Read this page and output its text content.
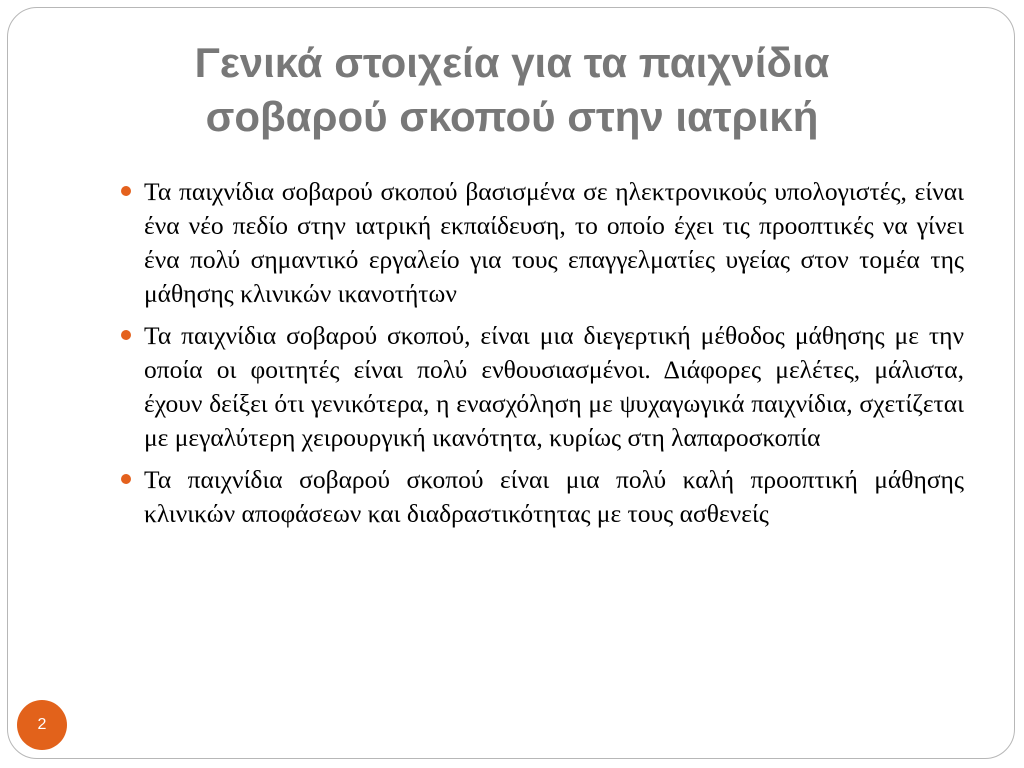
Γενικά στοιχεία για τα παιχνίδια
σοβαρού σκοπού στην ιατρική
Τα παιχνίδια σοβαρού σκοπού βασισμένα σε ηλεκτρονικούς υπολογιστές, είναι ένα νέο πεδίο στην ιατρική εκπαίδευση, το οποίο έχει τις προοπτικές να γίνει ένα πολύ σημαντικό εργαλείο για τους επαγγελματίες υγείας στον τομέα της μάθησης κλινικών ικανοτήτων
Τα παιχνίδια σοβαρού σκοπού, είναι μια διεγερτική μέθοδος μάθησης με την οποία οι φοιτητές είναι πολύ ενθουσιασμένοι. Διάφορες μελέτες, μάλιστα, έχουν δείξει ότι γενικότερα, η ενασχόληση με ψυχαγωγικά παιχνίδια, σχετίζεται με μεγαλύτερη χειρουργική ικανότητα, κυρίως στη λαπαροσκοπία
Τα παιχνίδια σοβαρού σκοπού είναι μια πολύ καλή προοπτική μάθησης κλινικών αποφάσεων και διαδραστικότητας με τους ασθενείς
2
